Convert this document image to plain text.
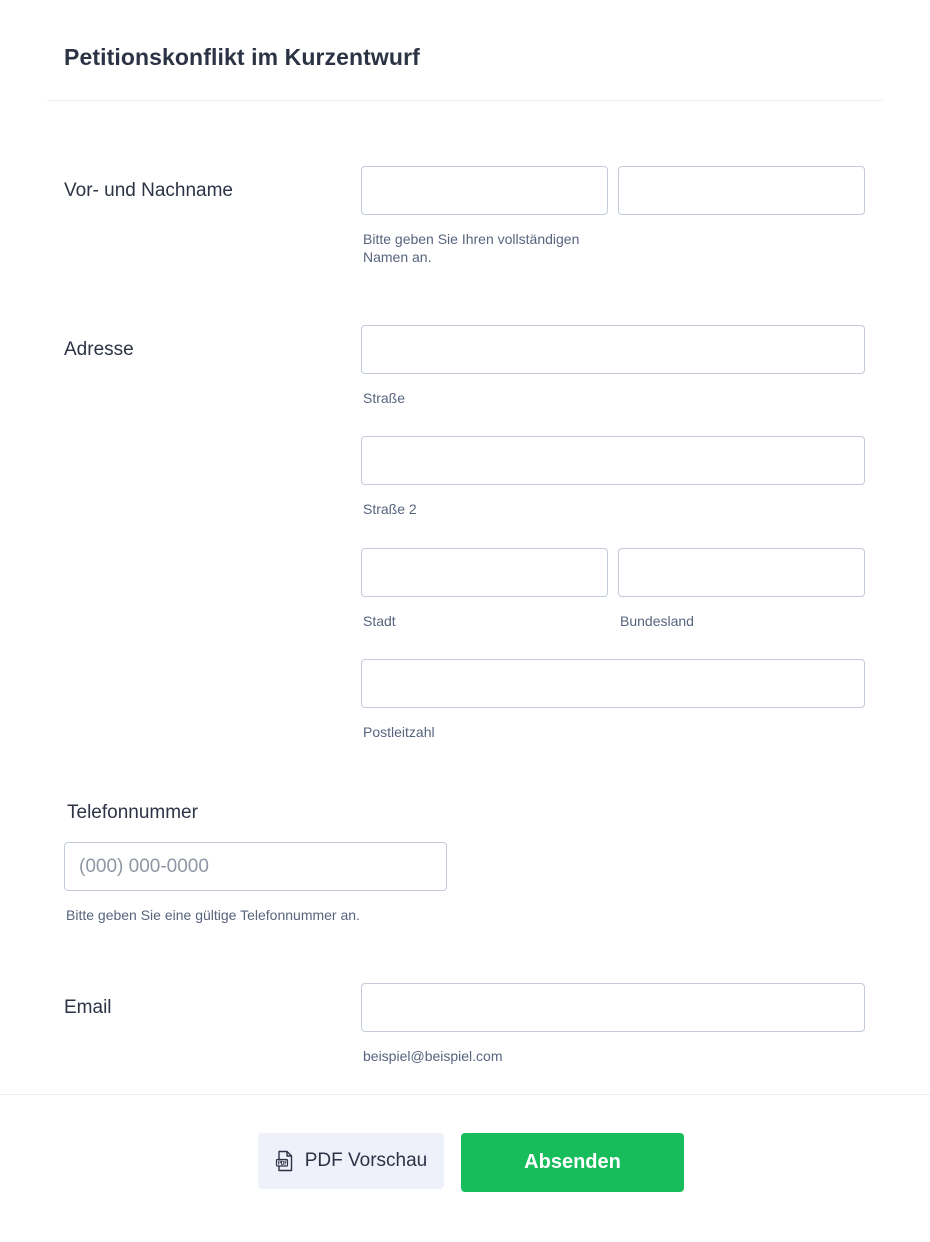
Petitionskonflikt im Kurzentwurf
Vor- und Nachname
Bitte geben Sie Ihren vollständigen
Namen an.
Adresse
Straße
Straße 2
Stadt	Bundesland
Postleitzahl
Telefonnummer
(000) 000-0000
Bitte geben Sie eine gültige Telefonnummer an.
Email
beispiel@beispiel.com
PDF Vorschau	Absenden
